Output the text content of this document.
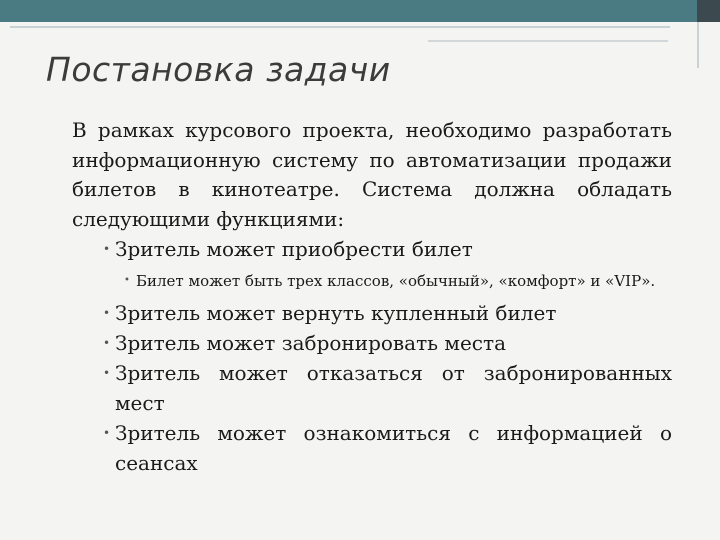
Постановка задачи

В рамках курсового проекта, необходимо разработать информационную систему по автоматизации продажи билетов в кинотеатре. Система должна обладать следующими функциями:

• Зритель может приобрести билет
• Билет может быть трех классов, «обычный», «комфорт» и «VIP».
• Зритель может вернуть купленный билет
• Зритель может забронировать места
• Зритель может отказаться от забронированных мест
• Зритель может ознакомиться с информацией о сеансах
